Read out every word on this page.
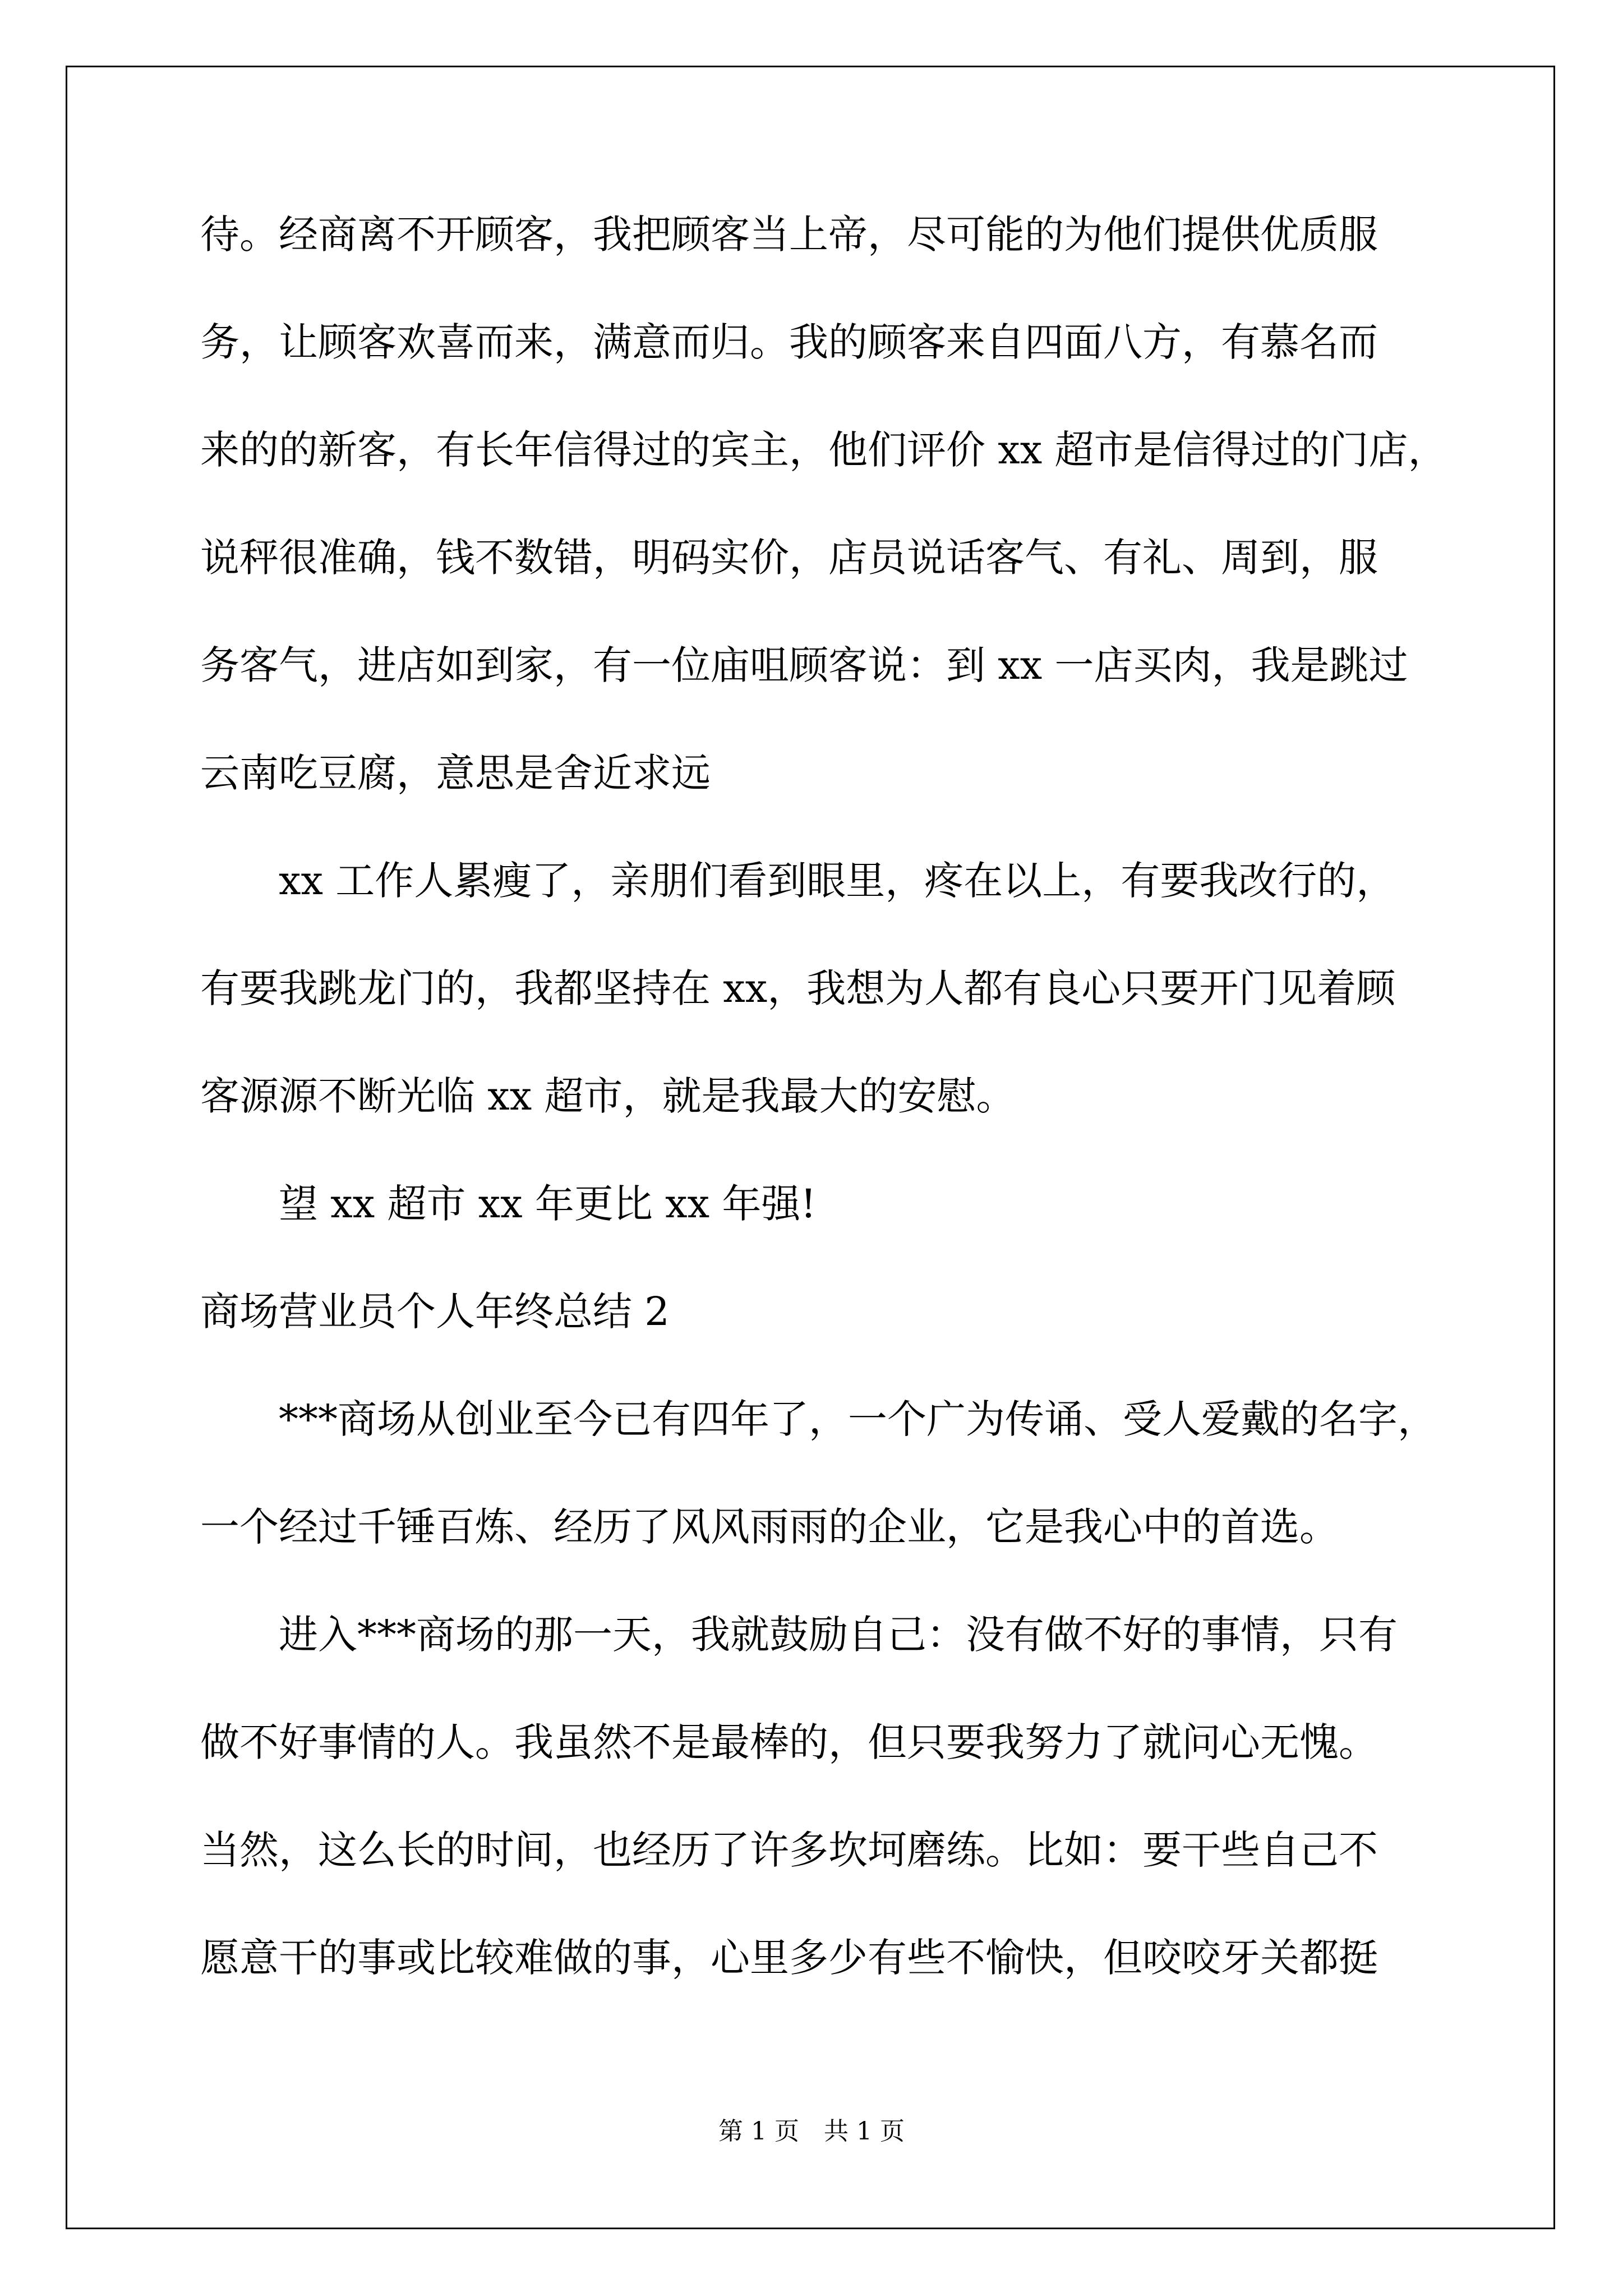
待。经商离不开顾客，我把顾客当上帝，尽可能的为他们提供优质服
务，让顾客欢喜而来，满意而归。我的顾客来自四面八方，有慕名而
来的的新客，有长年信得过的宾主，他们评价 xx 超市是信得过的门店，
说秤很准确，钱不数错，明码实价，店员说话客气、有礼、周到，服
务客气，进店如到家，有一位庙咀顾客说：到 xx 一店买肉，我是跳过
云南吃豆腐，意思是舍近求远
xx 工作人累瘦了，亲朋们看到眼里，疼在以上，有要我改行的，
有要我跳龙门的，我都坚持在 xx，我想为人都有良心只要开门见着顾
客源源不断光临 xx 超市，就是我最大的安慰。
望 xx 超市 xx 年更比 xx 年强!
商场营业员个人年终总结 2
***商场从创业至今已有四年了，一个广为传诵、受人爱戴的名字，
一个经过千锤百炼、经历了风风雨雨的企业，它是我心中的首选。
进入***商场的那一天，我就鼓励自己：没有做不好的事情，只有
做不好事情的人。我虽然不是最棒的，但只要我努力了就问心无愧。
当然，这么长的时间，也经历了许多坎坷磨练。比如：要干些自己不
愿意干的事或比较难做的事，心里多少有些不愉快，但咬咬牙关都挺
第 1 页　共 1 页
